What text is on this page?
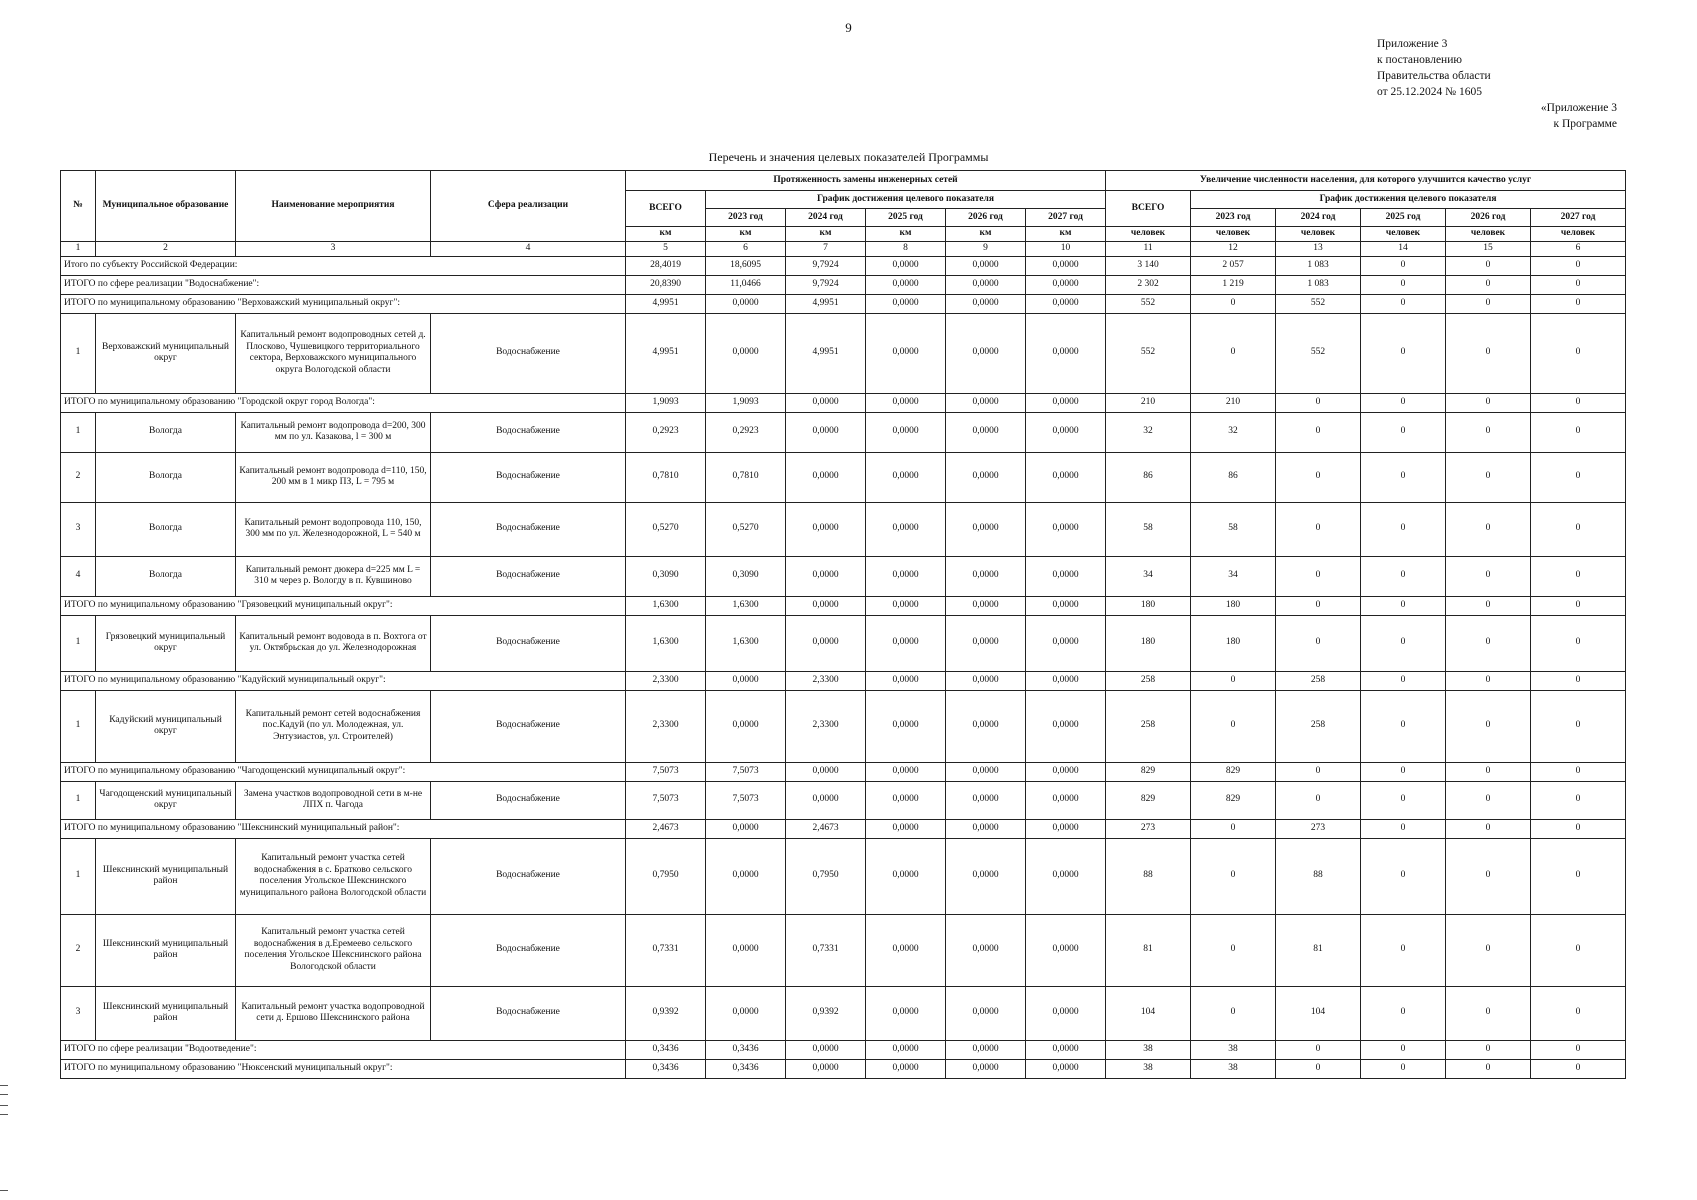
9
Приложение 3
к постановлению
Правительства области
от 25.12.2024 № 1605
«Приложение 3
к Программе
Перечень и значения целевых показателей Программы
№	Муниципальное образование	Наименование мероприятия	Сфера реализации	Протяженность замены инженерных сетей						Увеличение численности населения, для которого улучшится качество услуг					
				ВСЕГО	График достижения целевого показателя					ВСЕГО	График достижения целевого показателя				
					2023 год	2024 год	2025 год	2026 год	2027 год		2023 год	2024 год	2025 год	2026 год	2027 год
				км	км	км	км	км	км	человек	человек	человек	человек	человек	человек
1	2	3	4	5	6	7	8	9	10	11	12	13	14	15	6
Итого по субъекту Российской Федерации:				28,4019	18,6095	9,7924	0,0000	0,0000	0,0000	3 140	2 057	1 083	0	0	0
ИТОГО по сфере реализации "Водоснабжение":				20,8390	11,0466	9,7924	0,0000	0,0000	0,0000	2 302	1 219	1 083	0	0	0
ИТОГО по муниципальному образованию "Верховажский муниципальный округ":				4,9951	0,0000	4,9951	0,0000	0,0000	0,0000	552	0	552	0	0	0
1	Верховажский муниципальный округ	Капитальный ремонт водопроводных сетей д. Плосково, Чушевицкого территориального сектора, Верховажского муниципального округа Вологодской области	Водоснабжение	4,9951	0,0000	4,9951	0,0000	0,0000	0,0000	552	0	552	0	0	0
ИТОГО по муниципальному образованию "Городской округ город Вологда":				1,9093	1,9093	0,0000	0,0000	0,0000	0,0000	210	210	0	0	0	0
1	Вологда	Капитальный ремонт водопровода d=200, 300 мм по ул. Казакова, l = 300 м	Водоснабжение	0,2923	0,2923	0,0000	0,0000	0,0000	0,0000	32	32	0	0	0	0
2	Вологда	Капитальный ремонт водопровода d=110, 150, 200 мм в 1 микр ПЗ, L = 795 м	Водоснабжение	0,7810	0,7810	0,0000	0,0000	0,0000	0,0000	86	86	0	0	0	0
3	Вологда	Капитальный ремонт водопровода 110, 150, 300 мм по ул. Железнодорожной, L = 540 м	Водоснабжение	0,5270	0,5270	0,0000	0,0000	0,0000	0,0000	58	58	0	0	0	0
4	Вологда	Капитальный ремонт дюкера d=225 мм L = 310 м через р. Вологду в п. Кувшиново	Водоснабжение	0,3090	0,3090	0,0000	0,0000	0,0000	0,0000	34	34	0	0	0	0
ИТОГО по муниципальному образованию "Грязовецкий муниципальный округ":				1,6300	1,6300	0,0000	0,0000	0,0000	0,0000	180	180	0	0	0	0
1	Грязовецкий муниципальный округ	Капитальный ремонт водовода в п. Вохтога от ул. Октябрьская до ул. Железнодорожная	Водоснабжение	1,6300	1,6300	0,0000	0,0000	0,0000	0,0000	180	180	0	0	0	0
ИТОГО по муниципальному образованию "Кадуйский муниципальный округ":				2,3300	0,0000	2,3300	0,0000	0,0000	0,0000	258	0	258	0	0	0
1	Кадуйский муниципальный округ	Капитальный ремонт сетей водоснабжения пос.Кадуй (по ул. Молодежная, ул. Энтузиастов, ул. Строителей)	Водоснабжение	2,3300	0,0000	2,3300	0,0000	0,0000	0,0000	258	0	258	0	0	0
ИТОГО по муниципальному образованию "Чагодощенский муниципальный округ":				7,5073	7,5073	0,0000	0,0000	0,0000	0,0000	829	829	0	0	0	0
1	Чагодощенский муниципальный округ	Замена участков водопроводной сети в м-не ЛПХ п. Чагода	Водоснабжение	7,5073	7,5073	0,0000	0,0000	0,0000	0,0000	829	829	0	0	0	0
ИТОГО по муниципальному образованию "Шекснинский муниципальный район":				2,4673	0,0000	2,4673	0,0000	0,0000	0,0000	273	0	273	0	0	0
1	Шекснинский муниципальный район	Капитальный ремонт участка сетей водоснабжения в с. Братково сельского поселения Угольское Шекснинского муниципального района Вологодской области	Водоснабжение	0,7950	0,0000	0,7950	0,0000	0,0000	0,0000	88	0	88	0	0	0
2	Шекснинский муниципальный район	Капитальный ремонт участка сетей водоснабжения в д.Еремеево сельского поселения Угольское Шекснинского района Вологодской области	Водоснабжение	0,7331	0,0000	0,7331	0,0000	0,0000	0,0000	81	0	81	0	0	0
3	Шекснинский муниципальный район	Капитальный ремонт участка водопроводной сети д. Ершово Шекснинского района	Водоснабжение	0,9392	0,0000	0,9392	0,0000	0,0000	0,0000	104	0	104	0	0	0
ИТОГО по сфере реализации "Водоотведение":				0,3436	0,3436	0,0000	0,0000	0,0000	0,0000	38	38	0	0	0	0
ИТОГО по муниципальному образованию "Нюксенский муниципальный округ":				0,3436	0,3436	0,0000	0,0000	0,0000	0,0000	38	38	0	0	0	0
